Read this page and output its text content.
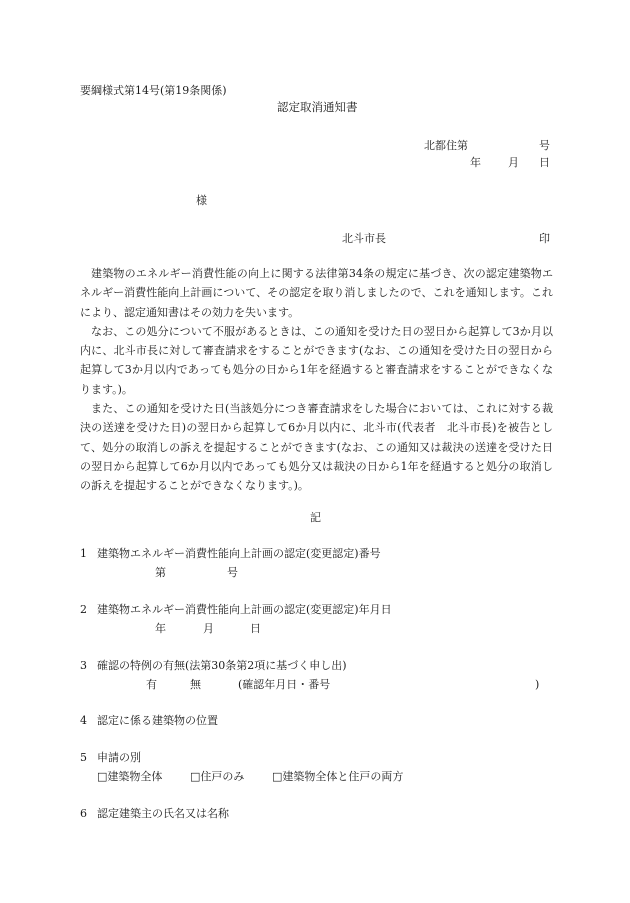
要綱様式第14号(第19条関係)
認定取消通知書
北都住第	号
年 月 日
様
北斗市長	印

建築物のエネルギー消費性能の向上に関する法律第34条の規定に基づき、次の認定建築物エネルギー消費性能向上計画について、その認定を取り消しましたので、これを通知します。これにより、認定通知書はその効力を失います。

なお、この処分について不服があるときは、この通知を受けた日の翌日から起算して3か月以内に、北斗市長に対して審査請求をすることができます(なお、この通知を受けた日の翌日から起算して3か月以内であっても処分の日から1年を経過すると審査請求をすることができなくなります。)。

また、この通知を受けた日(当該処分につき審査請求をした場合においては、これに対する裁決の送達を受けた日)の翌日から起算して6か月以内に、北斗市(代表者　北斗市長)を被告として、処分の取消しの訴えを提起することができます(なお、この通知又は裁決の送達を受けた日の翌日から起算して6か月以内であっても処分又は裁決の日から1年を経過すると処分の取消しの訴えを提起することができなくなります。)。

記
1 建築物エネルギー消費性能向上計画の認定(変更認定)番号
第	号
2 建築物エネルギー消費性能向上計画の認定(変更認定)年月日
年	月	日
3 確認の特例の有無(法第30条第2項に基づく申し出)
有	無	(確認年月日・番号	)
4 認定に係る建築物の位置
5 申請の別
□建築物全体	□住戸のみ	□建築物全体と住戸の両方
6 認定建築主の氏名又は名称
